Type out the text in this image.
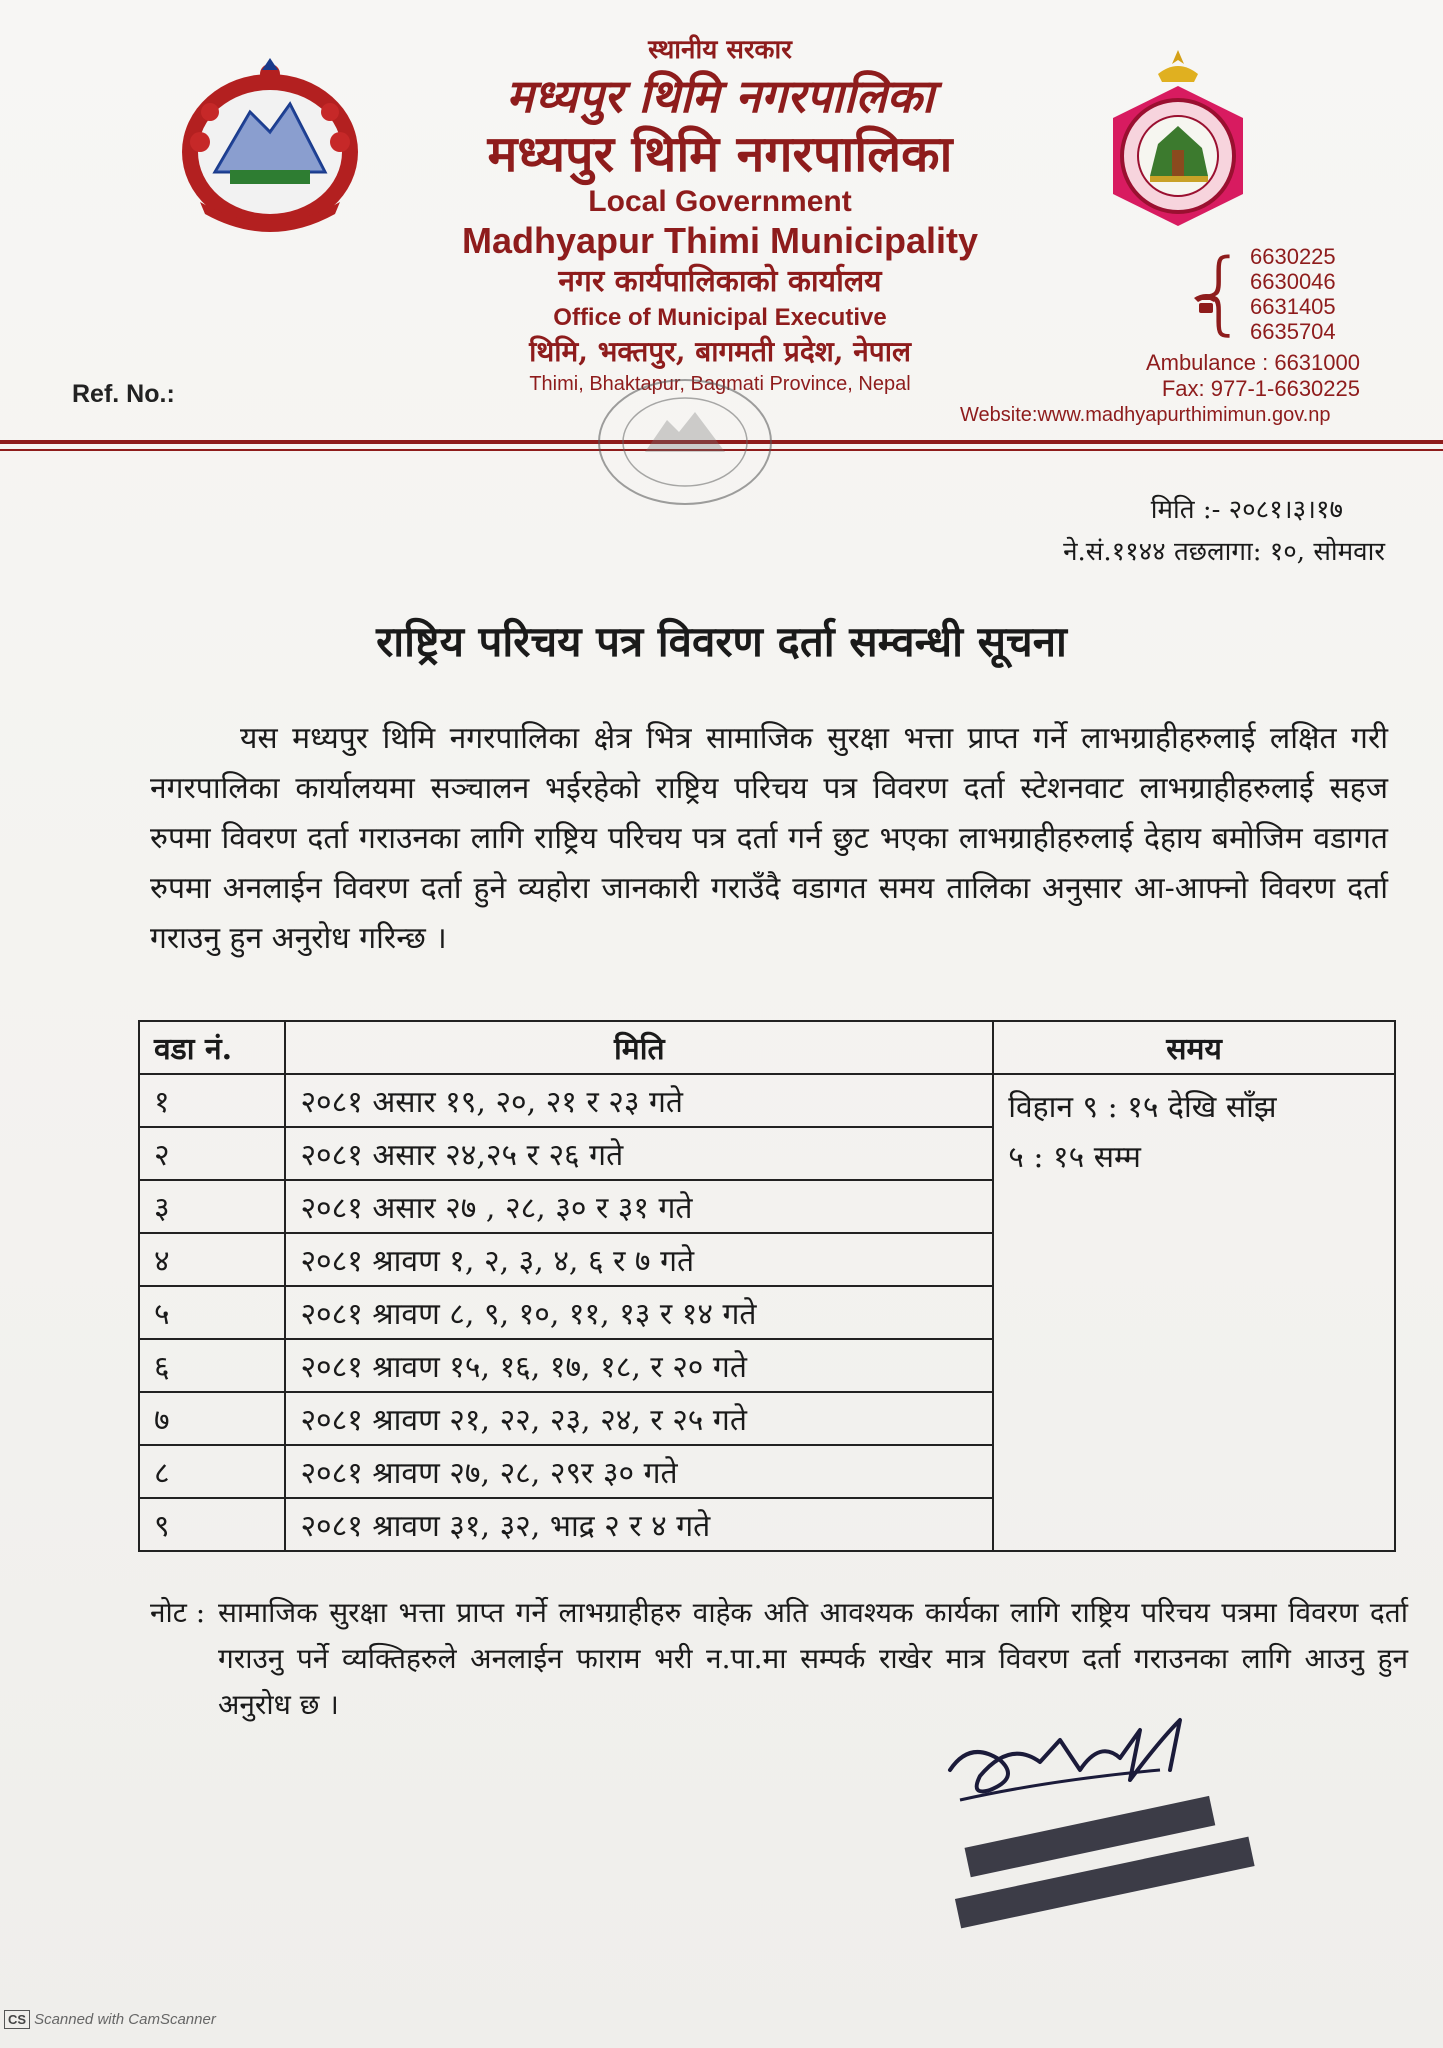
स्थानीय सरकार
मध्यपुर थिमि नगरपालिका
मध्यपुर थिमि नगरपालिका
Local Government
Madhyapur Thimi Municipality
नगर कार्यपालिकाको कार्यालय
Office of Municipal Executive
थिमि, भक्तपुर, बागमती प्रदेश, नेपाल
Thimi, Bhaktapur, Bagmati Province, Nepal
Ref. No.:
{ 6630225
6630046
6631405
6635704
Ambulance : 6631000
Fax: 977-1-6630225
Website:www.madhyapurthimimun.gov.np
मिति :- २०८१।३।१७
ने.सं.११४४ तछलागा: १०, सोमवार
राष्ट्रिय परिचय पत्र विवरण दर्ता सम्वन्धी सूचना
यस मध्यपुर थिमि नगरपालिका क्षेत्र भित्र सामाजिक सुरक्षा भत्ता प्राप्त गर्ने लाभग्राहीहरुलाई लक्षित गरी नगरपालिका कार्यालयमा सञ्चालन भईरहेको राष्ट्रिय परिचय पत्र विवरण दर्ता स्टेशनवाट लाभग्राहीहरुलाई सहज रुपमा विवरण दर्ता गराउनका लागि राष्ट्रिय परिचय पत्र दर्ता गर्न छुट भएका लाभग्राहीहरुलाई देहाय बमोजिम वडागत रुपमा अनलाईन विवरण दर्ता हुने व्यहोरा जानकारी गराउँदै वडागत समय तालिका अनुसार आ-आफ्नो विवरण दर्ता गराउनु हुन अनुरोध गरिन्छ ।
वडा नं.	मिति	समय
१	२०८१ असार १९, २०, २१ र २३ गते	विहान ९ : १५ देखि साँझ
५ : १५ सम्म

२	२०८१ असार २४,२५ र २६ गते	
३	२०८१ असार २७ , २८, ३० र ३१ गते	
४	२०८१ श्रावण १, २, ३, ४, ६ र ७ गते	
५	२०८१ श्रावण ८, ९, १०, ११, १३ र १४ गते	
६	२०८१ श्रावण १५, १६, १७, १८, र २० गते	
७	२०८१ श्रावण २१, २२, २३, २४, र २५ गते	
८	२०८१ श्रावण २७, २८, २९र ३० गते	
९	२०८१ श्रावण ३१, ३२, भाद्र २ र ४ गते	
नोट : सामाजिक सुरक्षा भत्ता प्राप्त गर्ने लाभग्राहीहरु वाहेक अति आवश्यक कार्यका लागि राष्ट्रिय परिचय पत्रमा विवरण दर्ता गराउनु पर्ने व्यक्तिहरुले अनलाईन फाराम भरी न.पा.मा सम्पर्क राखेर मात्र विवरण दर्ता गराउनका लागि आउनु हुन अनुरोध छ ।
CS Scanned with CamScanner
